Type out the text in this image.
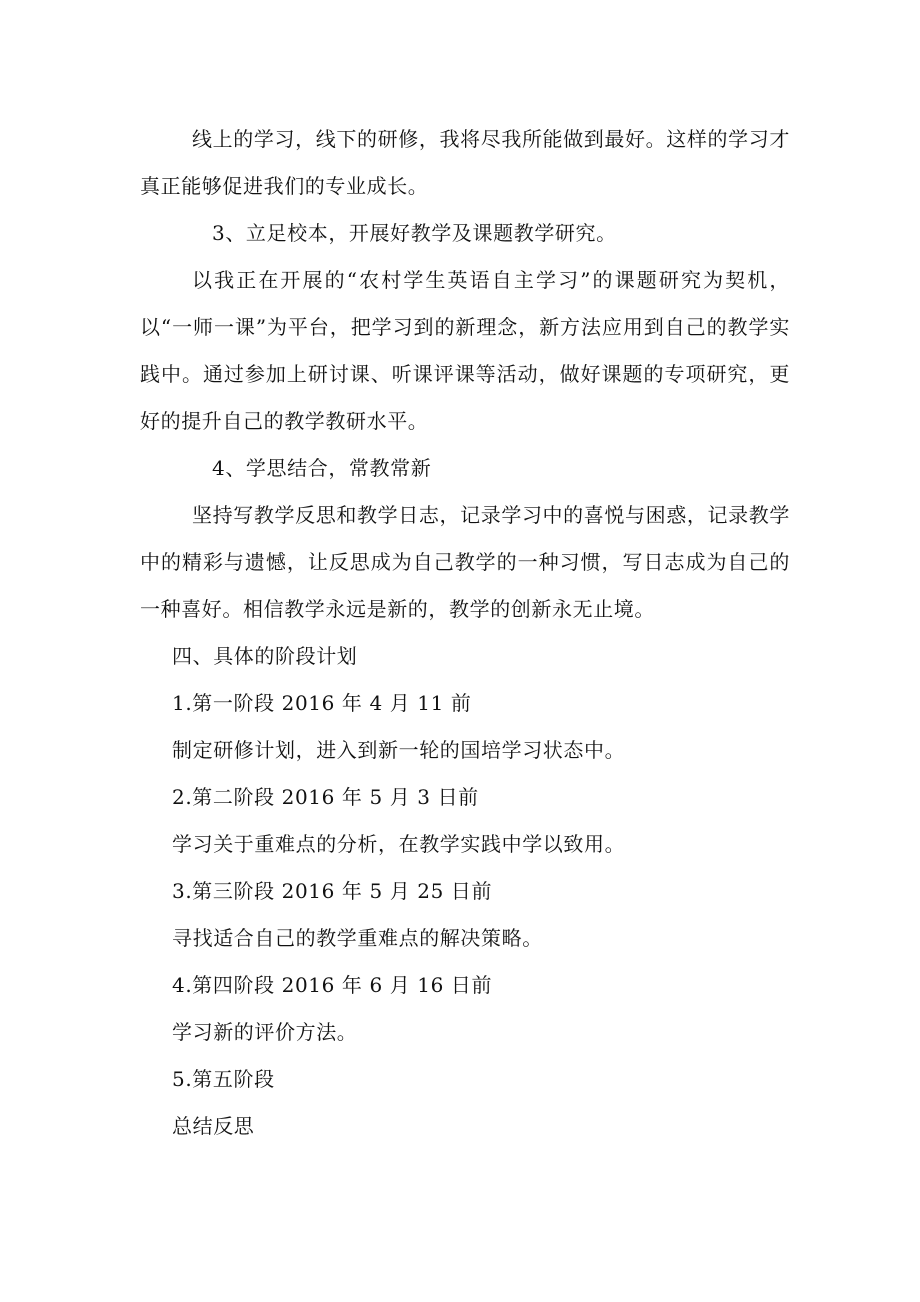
线上的学习，线下的研修，我将尽我所能做到最好。这样的学习才真正能够促进我们的专业成长。

3、立足校本，开展好教学及课题教学研究。

以我正在开展的“农村学生英语自主学习”的课题研究为契机，以“一师一课”为平台，把学习到的新理念，新方法应用到自己的教学实践中。通过参加上研讨课、听课评课等活动，做好课题的专项研究，更好的提升自己的教学教研水平。

4、学思结合，常教常新

坚持写教学反思和教学日志，记录学习中的喜悦与困惑，记录教学中的精彩与遗憾，让反思成为自己教学的一种习惯，写日志成为自己的一种喜好。相信教学永远是新的，教学的创新永无止境。

四、具体的阶段计划

1.第一阶段 2016 年 4 月 11 前

制定研修计划，进入到新一轮的国培学习状态中。

2.第二阶段 2016 年 5 月 3 日前

学习关于重难点的分析，在教学实践中学以致用。

3.第三阶段 2016 年 5 月 25 日前

寻找适合自己的教学重难点的解决策略。

4.第四阶段 2016 年 6 月 16 日前

学习新的评价方法。

5.第五阶段

总结反思
